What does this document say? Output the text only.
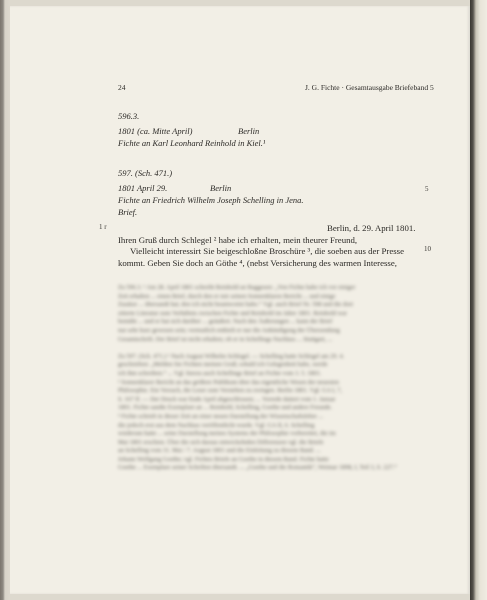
24	J. G. Fichte · Gesamtausgabe Briefeband 5
596.3.
1801 (ca. Mitte April)	Berlin
Fichte an Karl Leonhard Reinhold in Kiel.¹
597. (Sch. 471.)
1801 April 29.	Berlin
Fichte an Friedrich Wilhelm Joseph Schelling in Jena.
Brief.
5
1 r
10
Berlin, d. 29. April 1801.
Ihren Gruß durch Schlegel ² habe ich erhalten, mein theurer Freund,
Vielleicht interessirt Sie beigeschloßne Broschüre ³, die soeben aus der Presse
kommt. Geben Sie doch an Göthe ⁴, (nebst Versicherung des warmen Interesse,
Zu 596.3. ¹ Am 28. April 1801 schreibt Reinhold an Baggesen: „Von Fichte habe ich vor einiger
Zeit erhalten ... einen Brief, durch den er mir seinen Sonnenklaren Bericht ... und einige
Zusätze ... übersandt hat; den ich nicht beantwortet habe.“ Vgl. auch Brief Nr. 598 und die dort
zitierte Literatur zum Verhältnis zwischen Fichte und Reinhold im Jahre 1801. Reinhold war
bemüht ... und er hat sich darüber ... geäußert. Nach den Äußerungen ... kann der Brief
nur sehr kurz gewesen sein; vermutlich enthielt er nur die Ankündigung der Übersendung
Gesamtschrift. Der Brief ist nicht erhalten; ob er in Schellings Nachlass ... Stuttgart, ...
Zu 597. (Sch. 471.) ¹ Nach August Wilhelm Schlegel. — Schelling hatte Schlegel am 29. 4.
geschrieben: „Melden Sie Fichten meinen Gruß; sobald ich Gelegenheit habe, werde
ich ihm schreiben.“ ... Vgl. hierzu auch Schellings Brief an Fichte vom 3. 5. 1801.
² Sonnenklarer Bericht an das größere Publikum über das eigentliche Wesen der neuesten
Philosophie. Ein Versuch, die Leser zum Verstehen zu zwingen. Berlin 1801. Vgl. GA I, 7,
S. 167 ff. — Der Druck war Ende April abgeschlossen; ... Vorrede datiert vom 1. Januar
1801. Fichte sandte Exemplare an ... Reinhold, Schelling, Goethe und andere Freunde.
³ Fichte schrieb in dieser Zeit an einer neuen Darstellung der Wissenschaftslehre ...
die jedoch erst aus dem Nachlass veröffentlicht wurde. Vgl. GA II, 6. Schelling
wiederum hatte ... seine Darstellung meines Systems der Philosophie vorbereitet, die im
Mai 1801 erschien. Über die sich daraus entwickelnden Differenzen vgl. die Briefe
an Schelling vom 31. Mai / 7. August 1801 und die Einleitung zu diesem Band. ...
Johann Wolfgang Goethe; vgl. Fichtes Briefe an Goethe in diesem Band. Fichte hatte
Goethe ... Exemplare seiner Schriften übersandt. ... „Goethe und die Romantik“, Weimar 1898, I, Teil 3, S. 227.“
